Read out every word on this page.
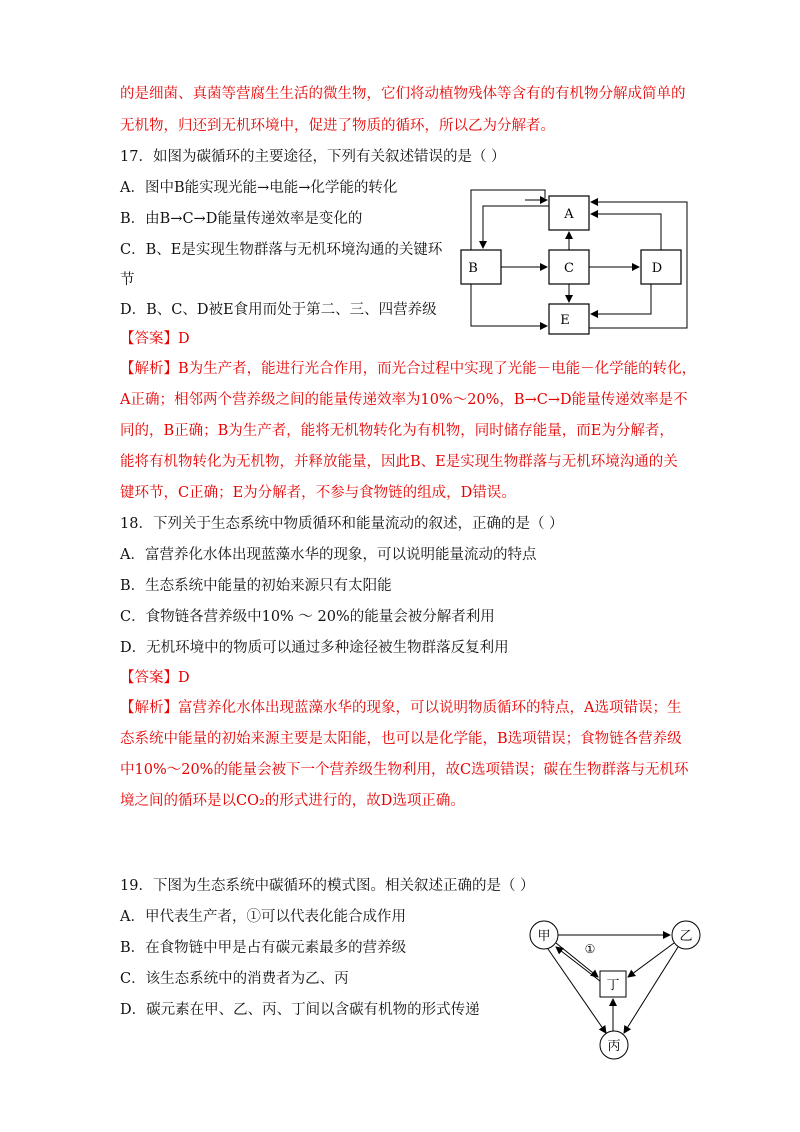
的是细菌、真菌等营腐生生活的微生物，它们将动植物残体等含有的有机物分解成简单的
无机物，归还到无机环境中，促进了物质的循环，所以乙为分解者。
17．如图为碳循环的主要途径，下列有关叙述错误的是（ ）
A．图中B能实现光能→电能→化学能的转化
B．由B→C→D能量传递效率是变化的
C．B、E是实现生物群落与无机环境沟通的关键环
节
D．B、C、D被E食用而处于第二、三、四营养级
【答案】D
【解析】B为生产者，能进行光合作用，而光合过程中实现了光能－电能－化学能的转化，
A正确；相邻两个营养级之间的能量传递效率为10%～20%，B→C→D能量传递效率是不
同的，B正确；B为生产者，能将无机物转化为有机物，同时储存能量，而E为分解者，
能将有机物转化为无机物，并释放能量，因此B、E是实现生物群落与无机环境沟通的关
键环节，C正确；E为分解者，不参与食物链的组成，D错误。
18．下列关于生态系统中物质循环和能量流动的叙述，正确的是（ ）
A．富营养化水体出现蓝藻水华的现象，可以说明能量流动的特点
B．生态系统中能量的初始来源只有太阳能
C．食物链各营养级中10% ～ 20%的能量会被分解者利用
D．无机环境中的物质可以通过多种途径被生物群落反复利用
【答案】D
【解析】富营养化水体出现蓝藻水华的现象，可以说明物质循环的特点，A选项错误；生
态系统中能量的初始来源主要是太阳能，也可以是化学能，B选项错误；食物链各营养级
中10%～20%的能量会被下一个营养级生物利用，故C选项错误；碳在生物群落与无机环
境之间的循环是以CO₂的形式进行的，故D选项正确。
19．下图为生态系统中碳循环的模式图。相关叙述正确的是（ ）
A．甲代表生产者，①可以代表化能合成作用
B．在食物链中甲是占有碳元素最多的营养级
C．该生态系统中的消费者为乙、丙
D．碳元素在甲、乙、丙、丁间以含碳有机物的形式传递
A
B	C	D
E
甲	乙
丙
丁
①
